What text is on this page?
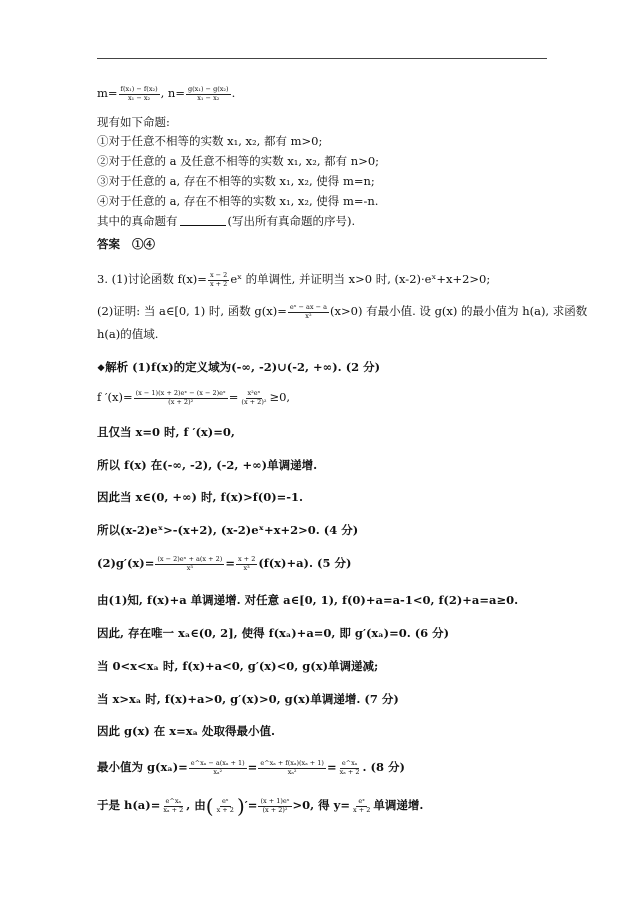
$m= \frac{\text{f(x₁) − f(x₂)}}{\text{x₁ − x₂}}$ , $n= \frac{\text{g(x₁) − g(x₂)}}{\text{x₁ − x₂}}$ .
现有如下命题:
①对于任意不相等的实数 x₁, x₂, 都有 m>0;
②对于任意的 a 及任意不相等的实数 x₁, x₂, 都有 n>0;
③对于任意的 a, 存在不相等的实数 x₁, x₂, 使得 m=n;
④对于任意的 a, 存在不相等的实数 x₁, x₂, 使得 m=-n.
其中的真命题有	(写出所有真命题的序号).
答案 ①④
3. (1)讨论函数 $f(x)= \frac{x - 2}{x + 2}$ eˣ 的单调性, 并证明当 x>0 时, (x-2)·eˣ+x+2>0;
(2)证明: 当 a∈[0, 1) 时, 函数 $g(x)= \frac{\text{eˣ − ax − a}}{\text{x²}} (x>0)$ 有最小值. 设 g(x) 的最小值为 h(a), 求函数
h(a)的值域.
❖解析 (1)f(x)的定义域为(-∞, -2)∪(-2, +∞). (2 分)
f $'(x)= \frac{\text{(x − 1)(x + 2)eˣ − (x − 2)eˣ}}{\text{(x + 2)²}} = \frac{\text{x²eˣ}}{\text{(x + 2)²}} \ge 0$,
且仅当 x=0 时, f ′(x)=0,
所以 f(x) 在(-∞, -2), (-2, +∞)单调递增.
因此当 x∈(0, +∞) 时, f(x)>f(0)=-1.
所以(x-2)eˣ>-(x+2), (x-2)eˣ+x+2>0. (4 分)
$(2)g'(x)= \frac{\text{(x − 2)eˣ + a(x + 2)}}{\text{x³}} = \frac{x + 2}{\text{x³}} (f(x)+a)$. (5 分)
由(1)知, f(x)+a 单调递增. 对任意 a∈[0, 1), f(0)+a=a-1<0, f(2)+a=a≥0.
因此, 存在唯一 xₐ∈(0, 2], 使得 f(xₐ)+a=0, 即 g′(xₐ)=0. (6 分)
当 0<x<xₐ 时, f(x)+a<0, g′(x)<0, g(x)单调递减;
当 x>xₐ 时, f(x)+a>0, g′(x)>0, g(x)单调递增. (7 分)
因此 g(x) 在 x=xₐ 处取得最小值.
最小值为 $g(x_a)= \frac{\text{e\textasciicircum{}xₐ − a(xₐ + 1)}}{\text{xₐ²}} = \frac{\text{e\textasciicircum{}xₐ + f(xₐ)(xₐ + 1)}}{\text{xₐ²}} = \frac{\text{e\textasciicircum{}xₐ}}{\text{xₐ + 2}}$ . (8 分)
于是 $h(a)= \frac{\text{e\textasciicircum{}xₐ}}{\text{xₐ + 2}}$ , 由( $\frac{\text{eˣ}}{x + 2}$ )′= $\frac{\text{(x + 1)eˣ}}{\text{(x + 2)²}} >0$, 得 $y= \frac{\text{eˣ}}{x + 2}$ 单调递增.
